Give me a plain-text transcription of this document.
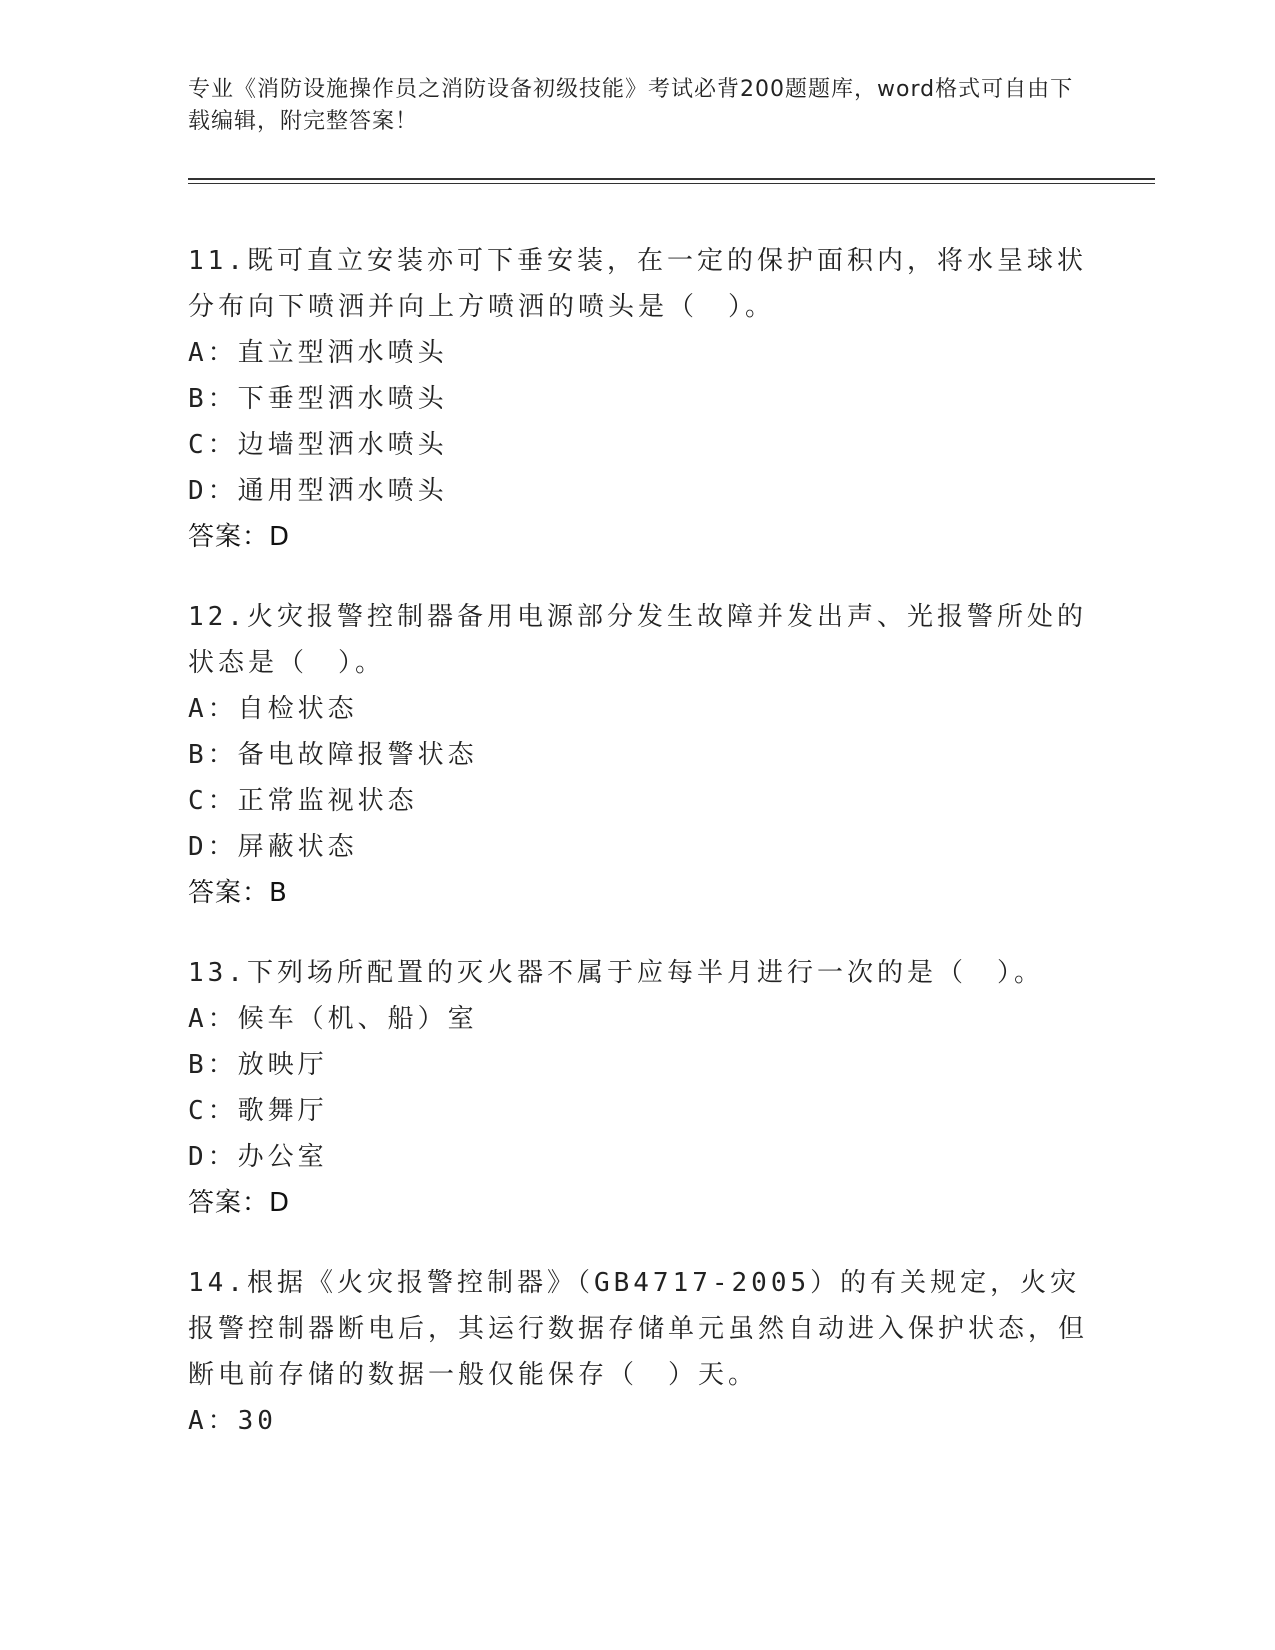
专业《消防设施操作员之消防设备初级技能》考试必背200题题库，word格式可自由下载编辑，附完整答案！
11.既可直立安装亦可下垂安装，在一定的保护面积内，将水呈球状分布向下喷洒并向上方喷洒的喷头是（　）。
A：直立型洒水喷头
B：下垂型洒水喷头
C：边墙型洒水喷头
D：通用型洒水喷头
答案：D
12.火灾报警控制器备用电源部分发生故障并发出声、光报警所处的状态是（　）。
A：自检状态
B：备电故障报警状态
C：正常监视状态
D：屏蔽状态
答案：B
13.下列场所配置的灭火器不属于应每半月进行一次的是（　）。
A：候车（机、船）室
B：放映厅
C：歌舞厅
D：办公室
答案：D
14.根据《火灾报警控制器》（GB4717-2005）的有关规定，火灾报警控制器断电后，其运行数据存储单元虽然自动进入保护状态，但断电前存储的数据一般仅能保存（　）天。
A：30
